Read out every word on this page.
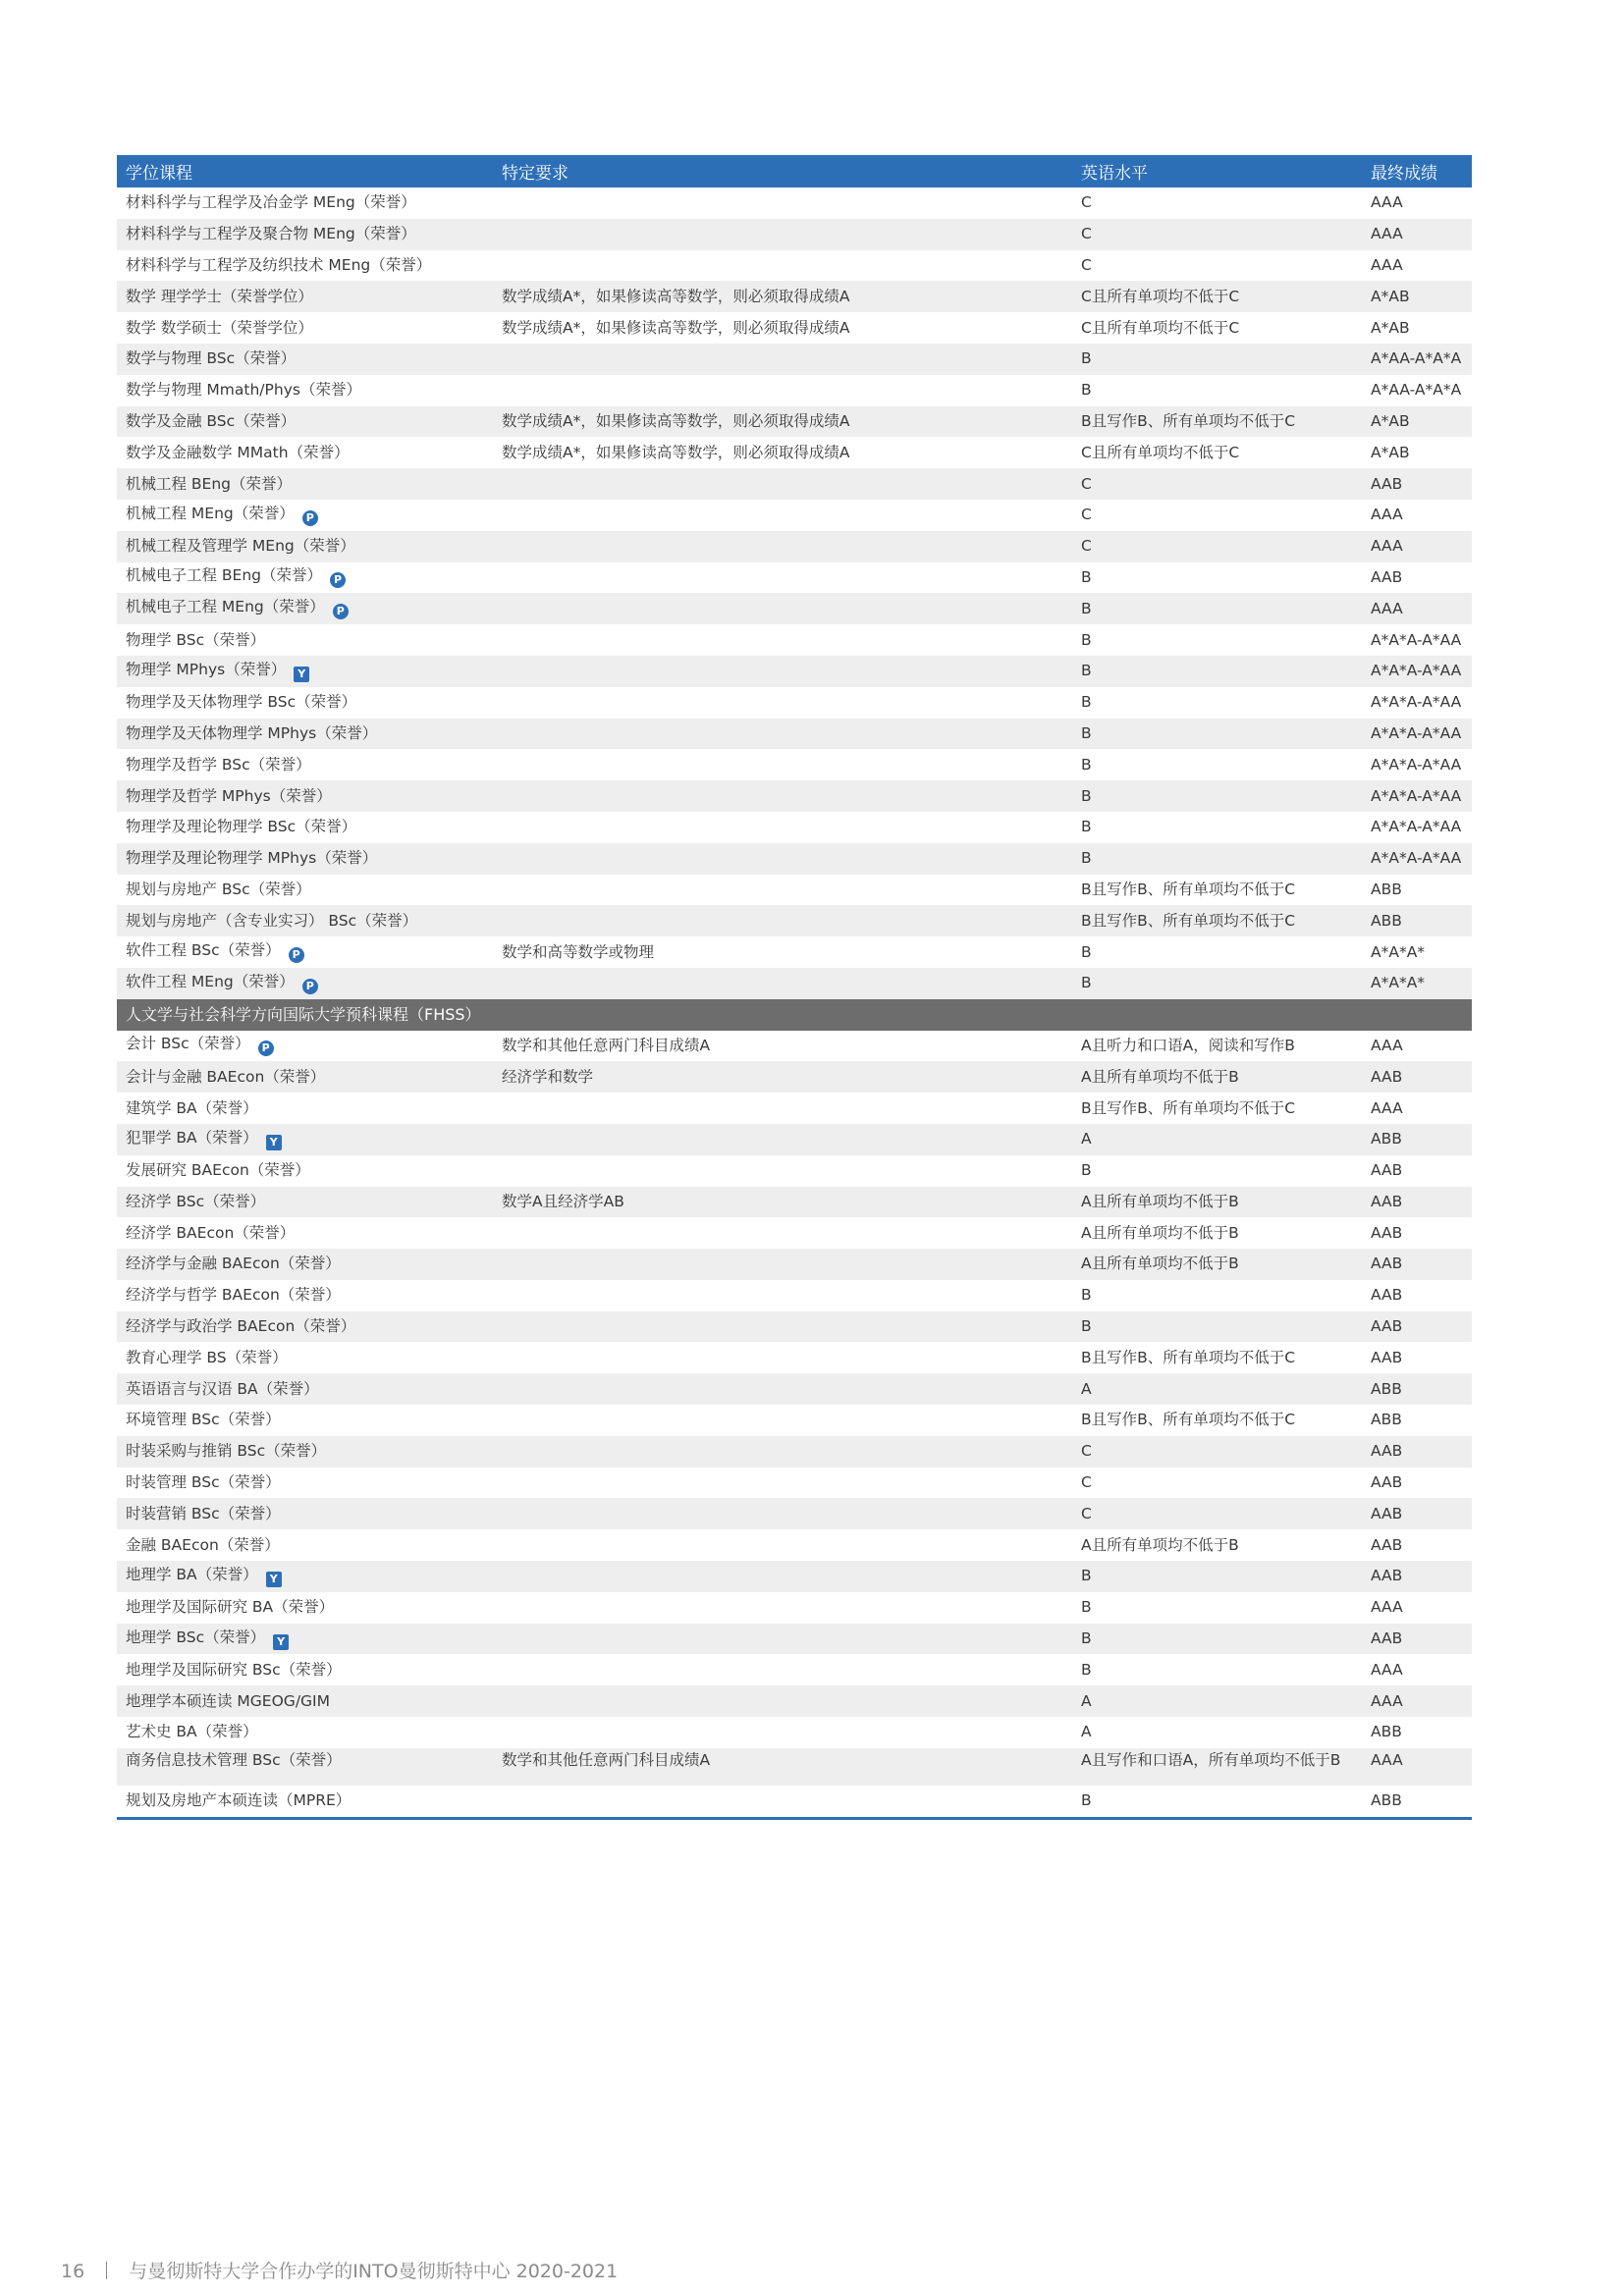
学位课程	特定要求	英语水平	最终成绩
材料科学与工程学及冶金学 MEng（荣誉）		C	AAA
材料科学与工程学及聚合物 MEng（荣誉）		C	AAA
材料科学与工程学及纺织技术 MEng（荣誉）		C	AAA
数学 理学学士（荣誉学位）	数学成绩A*，如果修读高等数学，则必须取得成绩A	C且所有单项均不低于C	A*AB
数学 数学硕士（荣誉学位）	数学成绩A*，如果修读高等数学，则必须取得成绩A	C且所有单项均不低于C	A*AB
数学与物理 BSc（荣誉）		B	A*AA-A*A*A
数学与物理 Mmath/Phys（荣誉）		B	A*AA-A*A*A
数学及金融 BSc（荣誉）	数学成绩A*，如果修读高等数学，则必须取得成绩A	B且写作B、所有单项均不低于C	A*AB
数学及金融数学 MMath（荣誉）	数学成绩A*，如果修读高等数学，则必须取得成绩A	C且所有单项均不低于C	A*AB
机械工程 BEng（荣誉）		C	AAB
机械工程 MEng（荣誉） P		C	AAA
机械工程及管理学 MEng（荣誉）		C	AAA
机械电子工程 BEng（荣誉） P		B	AAB
机械电子工程 MEng（荣誉） P		B	AAA
物理学 BSc（荣誉）		B	A*A*A-A*AA
物理学 MPhys（荣誉） Y		B	A*A*A-A*AA
物理学及天体物理学 BSc（荣誉）		B	A*A*A-A*AA
物理学及天体物理学 MPhys（荣誉）		B	A*A*A-A*AA
物理学及哲学 BSc（荣誉）		B	A*A*A-A*AA
物理学及哲学 MPhys（荣誉）		B	A*A*A-A*AA
物理学及理论物理学 BSc（荣誉）		B	A*A*A-A*AA
物理学及理论物理学 MPhys（荣誉）		B	A*A*A-A*AA
规划与房地产 BSc（荣誉）		B且写作B、所有单项均不低于C	ABB
规划与房地产（含专业实习） BSc（荣誉）		B且写作B、所有单项均不低于C	ABB
软件工程 BSc（荣誉） P	数学和高等数学或物理	B	A*A*A*
软件工程 MEng（荣誉） P		B	A*A*A*
人文学与社会科学方向国际大学预科课程（FHSS）			
会计 BSc（荣誉） P	数学和其他任意两门科目成绩A	A且听力和口语A，阅读和写作B	AAA
会计与金融 BAEcon（荣誉）	经济学和数学	A且所有单项均不低于B	AAB
建筑学 BA（荣誉）		B且写作B、所有单项均不低于C	AAA
犯罪学 BA（荣誉） Y		A	ABB
发展研究 BAEcon（荣誉）		B	AAB
经济学 BSc（荣誉）	数学A且经济学AB	A且所有单项均不低于B	AAB
经济学 BAEcon（荣誉）		A且所有单项均不低于B	AAB
经济学与金融 BAEcon（荣誉）		A且所有单项均不低于B	AAB
经济学与哲学 BAEcon（荣誉）		B	AAB
经济学与政治学 BAEcon（荣誉）		B	AAB
教育心理学 BS（荣誉）		B且写作B、所有单项均不低于C	AAB
英语语言与汉语 BA（荣誉）		A	ABB
环境管理 BSc（荣誉）		B且写作B、所有单项均不低于C	ABB
时装采购与推销 BSc（荣誉）		C	AAB
时装管理 BSc（荣誉）		C	AAB
时装营销 BSc（荣誉）		C	AAB
金融 BAEcon（荣誉）		A且所有单项均不低于B	AAB
地理学 BA（荣誉） Y		B	AAB
地理学及国际研究 BA（荣誉）		B	AAA
地理学 BSc（荣誉） Y		B	AAB
地理学及国际研究 BSc（荣誉）		B	AAA
地理学本硕连读 MGEOG/GIM		A	AAA
艺术史 BA（荣誉）		A	ABB
商务信息技术管理 BSc（荣誉）	数学和其他任意两门科目成绩A	A且写作和口语A，所有单项均不低于B	AAA
规划及房地产本硕连读（MPRE）		B	ABB
16 与曼彻斯特大学合作办学的INTO曼彻斯特中心 2020-2021
